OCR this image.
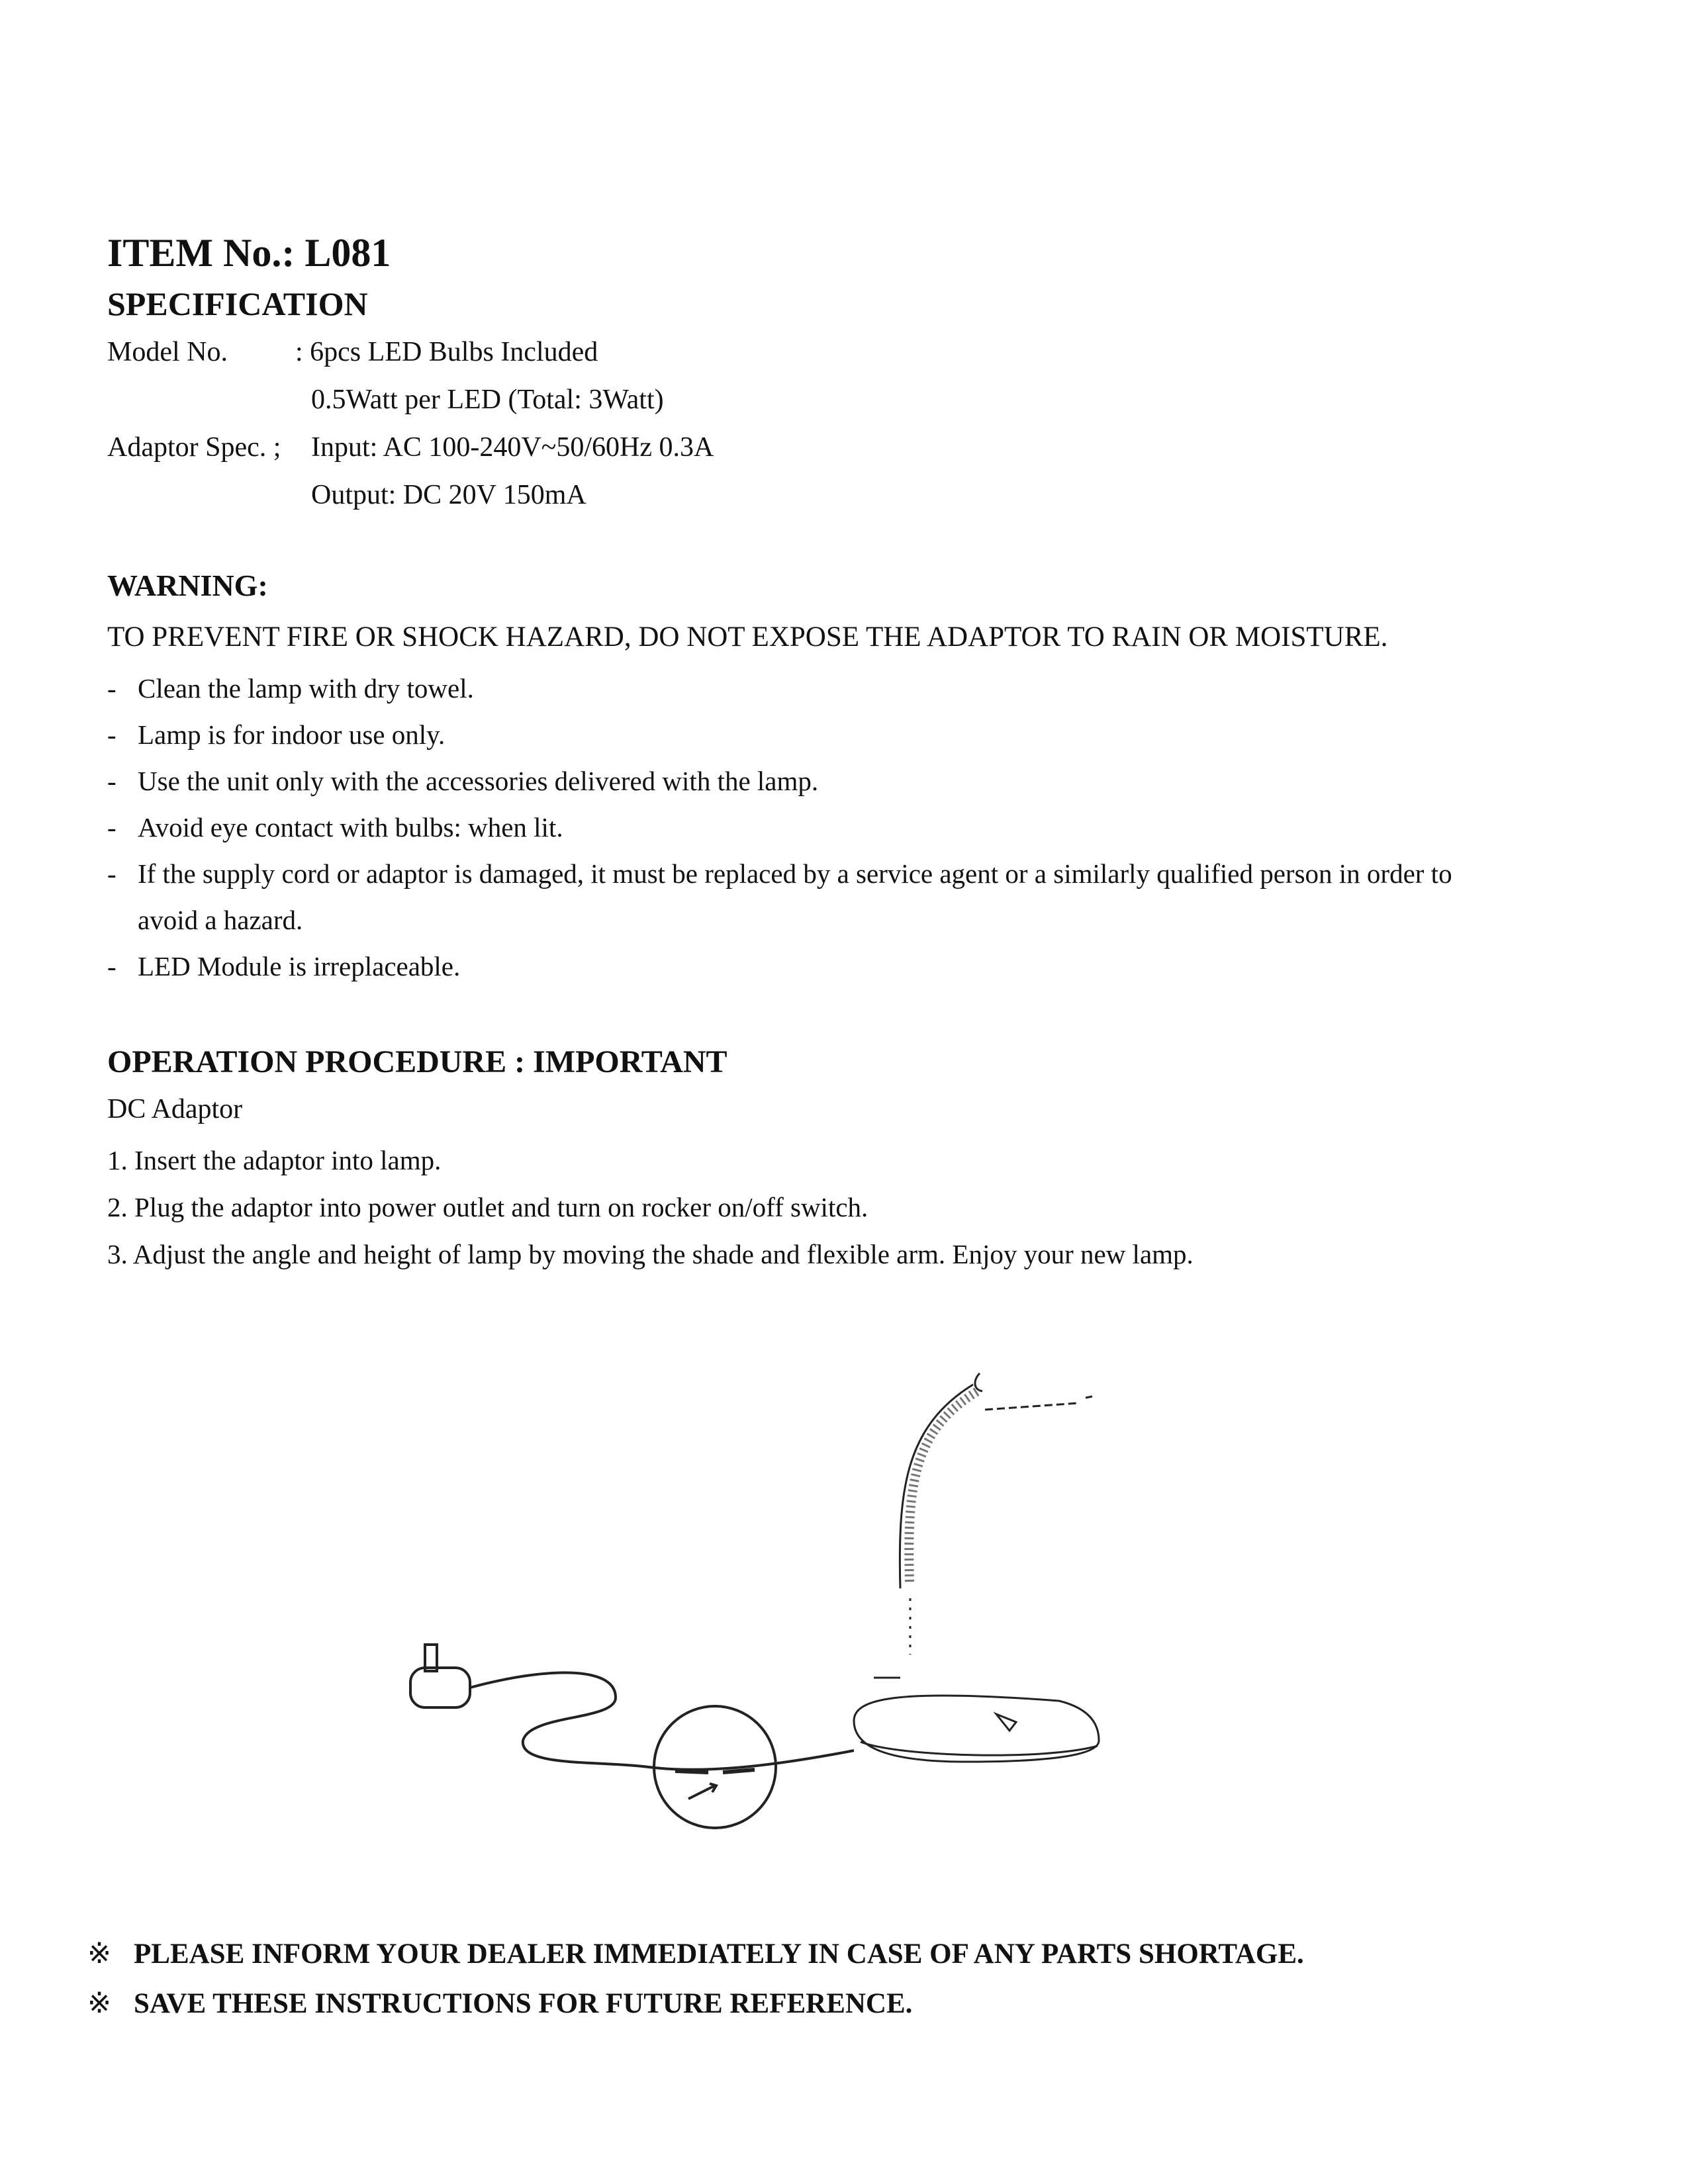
ITEM No.: L081
SPECIFICATION
Model No. : 6pcs LED Bulbs Included
0.5Watt per LED (Total: 3Watt)
Adaptor Spec. ; Input: AC 100-240V~50/60Hz 0.3A
Output: DC 20V 150mA
WARNING:
TO PREVENT FIRE OR SHOCK HAZARD, DO NOT EXPOSE THE ADAPTOR TO RAIN OR MOISTURE.
- Clean the lamp with dry towel.
- Lamp is for indoor use only.
- Use the unit only with the accessories delivered with the lamp.
- Avoid eye contact with bulbs: when lit.
- If the supply cord or adaptor is damaged, it must be replaced by a service agent or a similarly qualified person in order to avoid a hazard.
- LED Module is irreplaceable.
OPERATION PROCEDURE : IMPORTANT
DC Adaptor
1. Insert the adaptor into lamp.
2. Plug the adaptor into power outlet and turn on rocker on/off switch.
3. Adjust the angle and height of lamp by moving the shade and flexible arm. Enjoy your new lamp.
※ PLEASE INFORM YOUR DEALER IMMEDIATELY IN CASE OF ANY PARTS SHORTAGE.
※ SAVE THESE INSTRUCTIONS FOR FUTURE REFERENCE.
